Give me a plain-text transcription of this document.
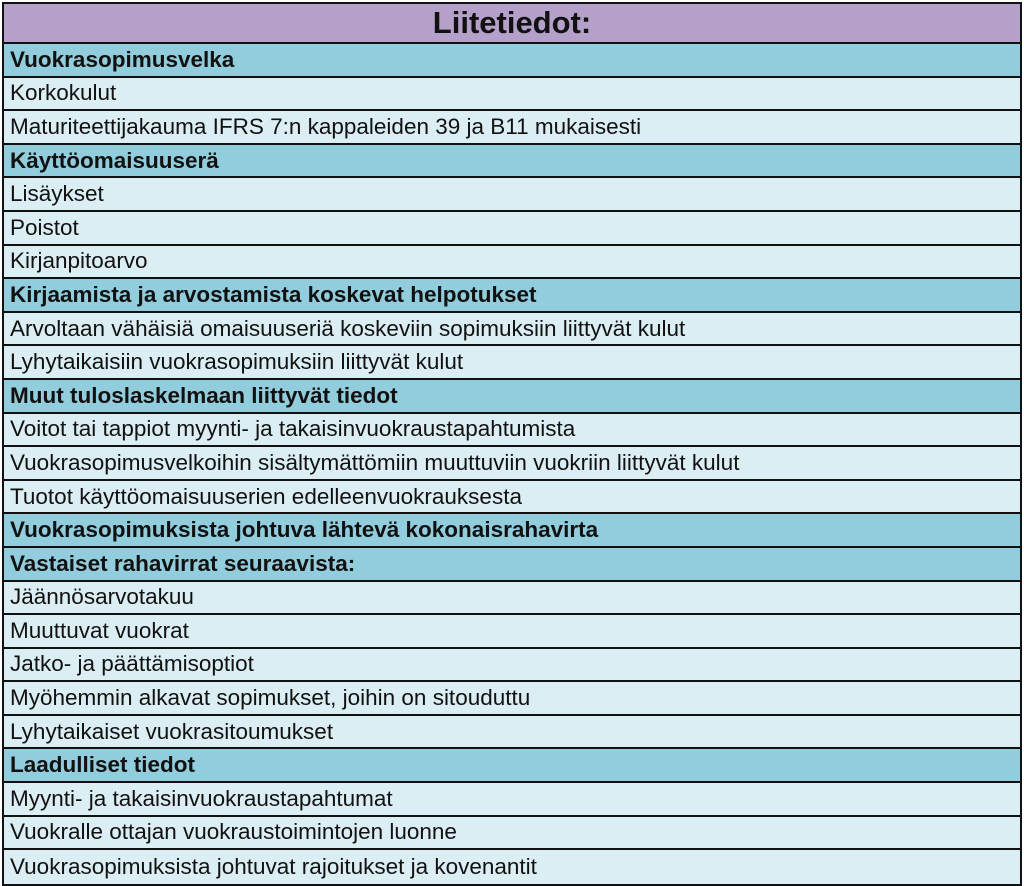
Liitetiedot:
Vuokrasopimusvelka
Korkokulut
Maturiteettijakauma IFRS 7:n kappaleiden 39 ja B11 mukaisesti
Käyttöomaisuuserä
Lisäykset
Poistot
Kirjanpitoarvo
Kirjaamista ja arvostamista koskevat helpotukset
Arvoltaan vähäisiä omaisuuseriä koskeviin sopimuksiin liittyvät kulut
Lyhytaikaisiin vuokrasopimuksiin liittyvät kulut
Muut tuloslaskelmaan liittyvät tiedot
Voitot tai tappiot myynti- ja takaisinvuokraustapahtumista
Vuokrasopimusvelkoihin sisältymättömiin muuttuviin vuokriin liittyvät kulut
Tuotot käyttöomaisuuserien edelleenvuokrauksesta
Vuokrasopimuksista johtuva lähtevä kokonaisrahavirta
Vastaiset rahavirrat seuraavista:
Jäännösarvotakuu
Muuttuvat vuokrat
Jatko- ja päättämisoptiot
Myöhemmin alkavat sopimukset, joihin on sitouduttu
Lyhytaikaiset vuokrasitoumukset
Laadulliset tiedot
Myynti- ja takaisinvuokraustapahtumat
Vuokralle ottajan vuokraustoimintojen luonne
Vuokrasopimuksista johtuvat rajoitukset ja kovenantit
